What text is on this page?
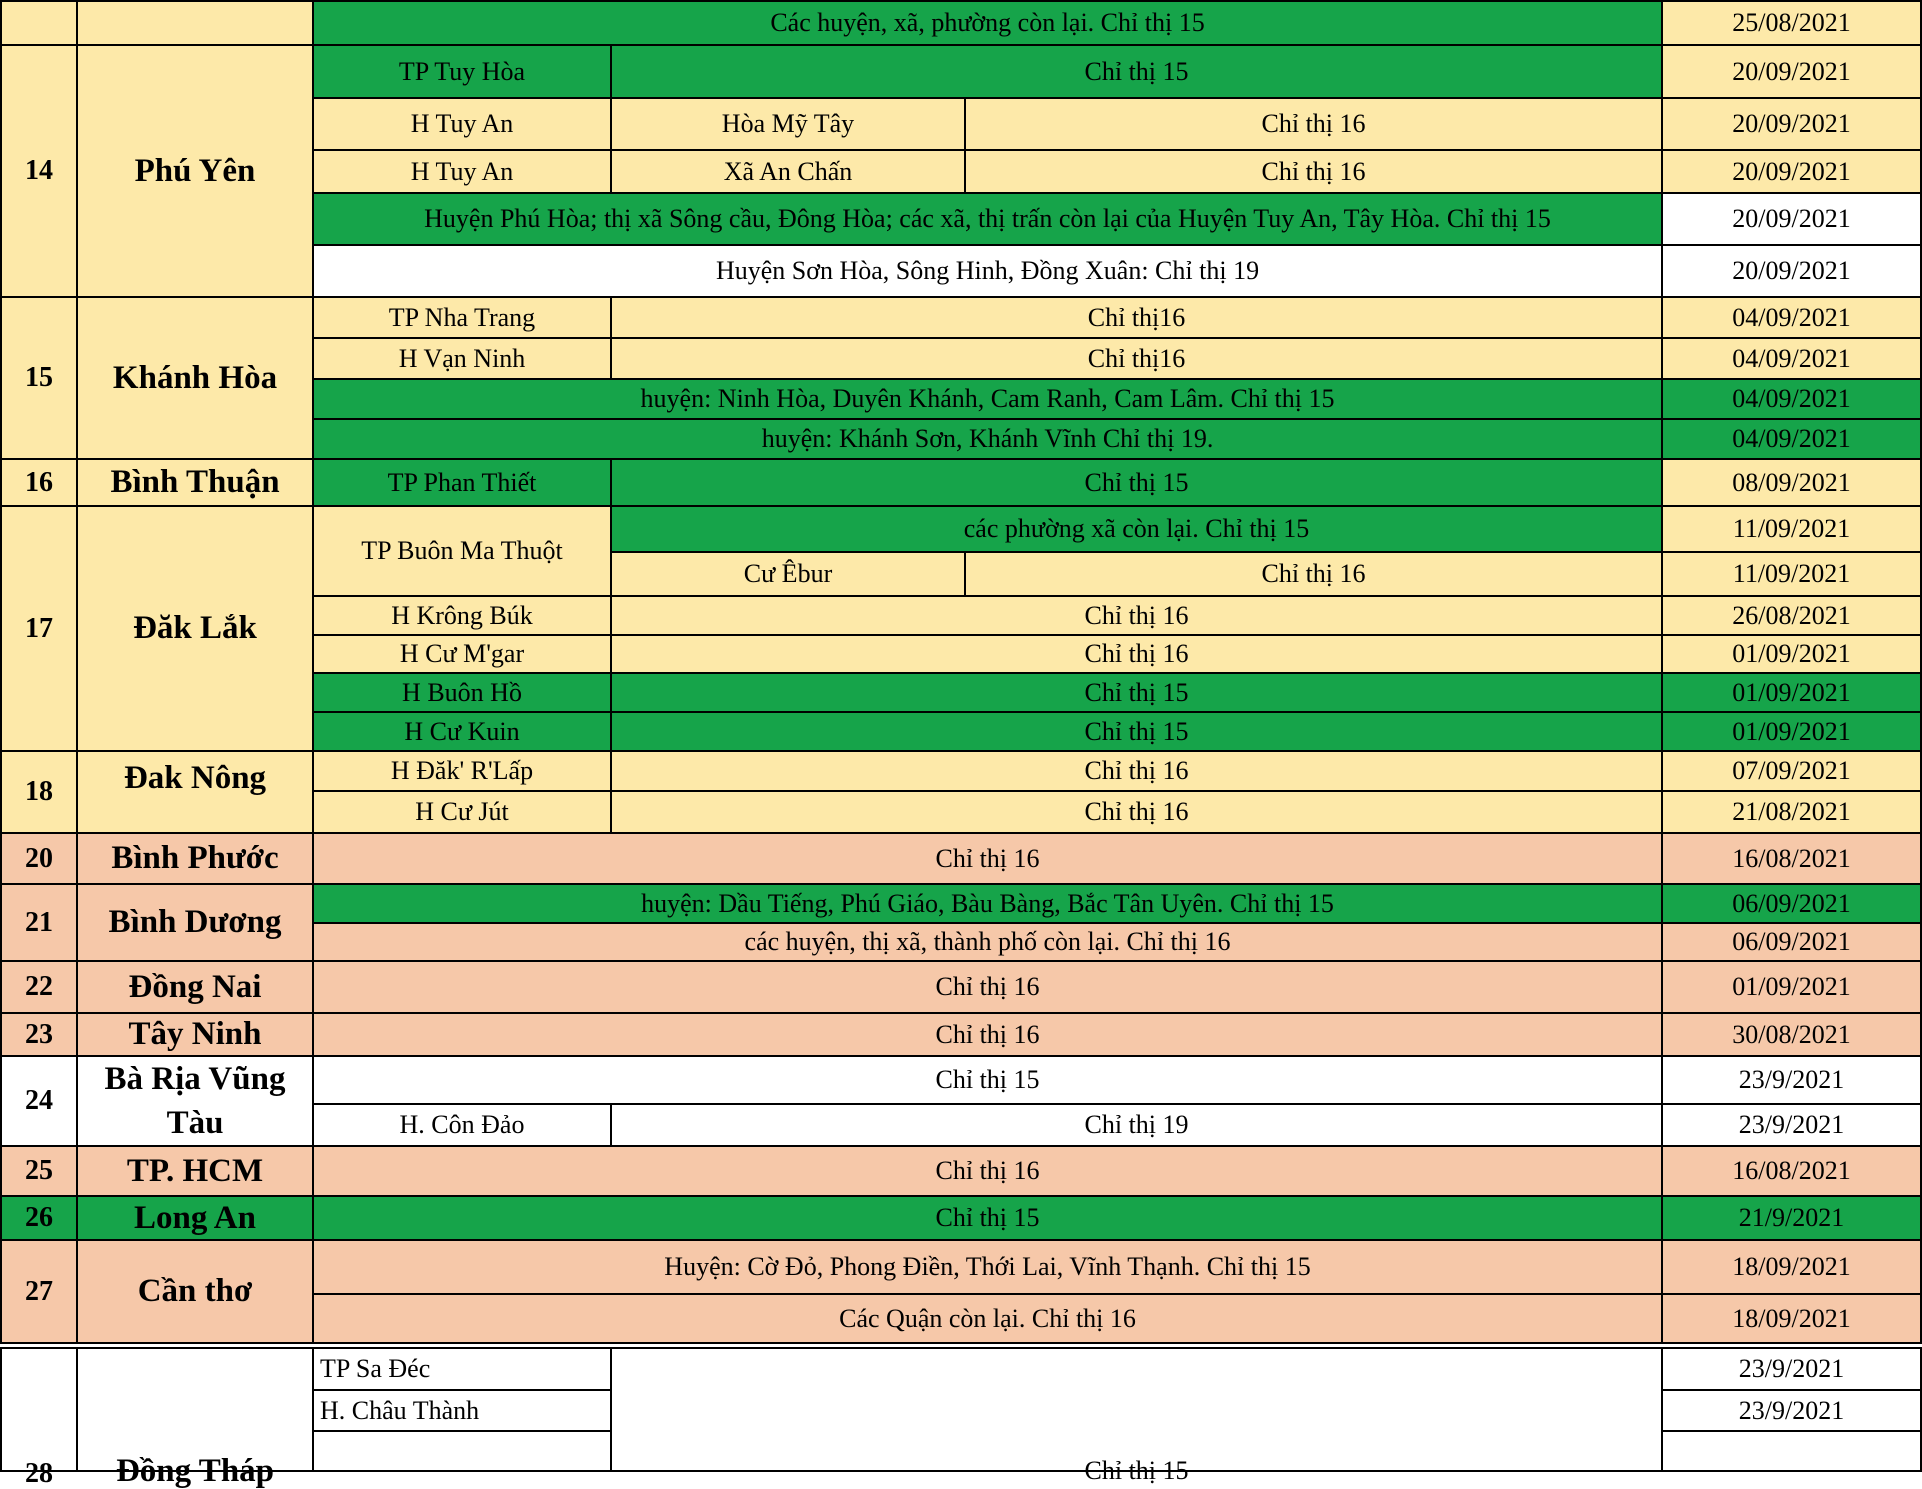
		Các huyện, xã, phường còn lại. Chỉ thị 15			25/08/2021
14	Phú Yên	TP Tuy Hòa	Chỉ thị 15		20/09/2021
		H Tuy An	Hòa Mỹ Tây	Chỉ thị 16	20/09/2021
		H Tuy An	Xã An Chấn	Chỉ thị 16	20/09/2021
		Huyện Phú Hòa; thị xã Sông cầu, Đông Hòa; các xã, thị trấn còn lại của Huyện Tuy An, Tây Hòa. Chỉ thị 15			20/09/2021
		Huyện Sơn Hòa, Sông Hinh, Đồng Xuân: Chỉ thị 19			20/09/2021

15	Khánh Hòa	TP Nha Trang	Chỉ thị16		04/09/2021
		H Vạn Ninh	Chỉ thị16		04/09/2021
		huyện: Ninh Hòa, Duyên Khánh, Cam Ranh, Cam Lâm. Chỉ thị 15			04/09/2021
		huyện: Khánh Sơn, Khánh Vĩnh Chỉ thị 19.			04/09/2021
16	Bình Thuận	TP Phan Thiết	Chỉ thị 15		08/09/2021
17	Đăk Lắk	TP Buôn Ma Thuột	các phường xã còn lại. Chỉ thị 15		11/09/2021
			Cư Êbur	Chỉ thị 16	11/09/2021
		H Krông Búk	Chỉ thị 16		26/08/2021
		H Cư M'gar	Chỉ thị 16		01/09/2021
		H Buôn Hồ	Chỉ thị 15		01/09/2021
		H Cư Kuin	Chỉ thị 15		01/09/2021
18	Đak Nông	H Đăk' R'Lấp	Chỉ thị 16		07/09/2021
		H Cư Jút	Chỉ thị 16		21/08/2021
20	Bình Phước	Chỉ thị 16			16/08/2021
21	Bình Dương	huyện: Dầu Tiếng, Phú Giáo, Bàu Bàng, Bắc Tân Uyên. Chỉ thị 15			06/09/2021
		các huyện, thị xã, thành phố còn lại. Chỉ thị 16			06/09/2021
22	Đồng Nai	Chỉ thị 16			01/09/2021
23	Tây Ninh	Chỉ thị 16			30/08/2021
24	Bà Rịa Vũng Tàu	Chỉ thị 15			23/9/2021
		H. Côn Đảo	Chỉ thị 19		23/9/2021
25	TP. HCM	Chỉ thị 16			16/08/2021
26	Long An	Chỉ thị 15			21/9/2021
27	Cần thơ	Huyện: Cờ Đỏ, Phong Điền, Thới Lai, Vĩnh Thạnh. Chỉ thị 15			18/09/2021
		Các Quận còn lại. Chỉ thị 16			18/09/2021

28	Đồng Tháp	TP Sa Đéc	Chỉ thị 15		23/9/2021
		H. Châu Thành			23/9/2021
